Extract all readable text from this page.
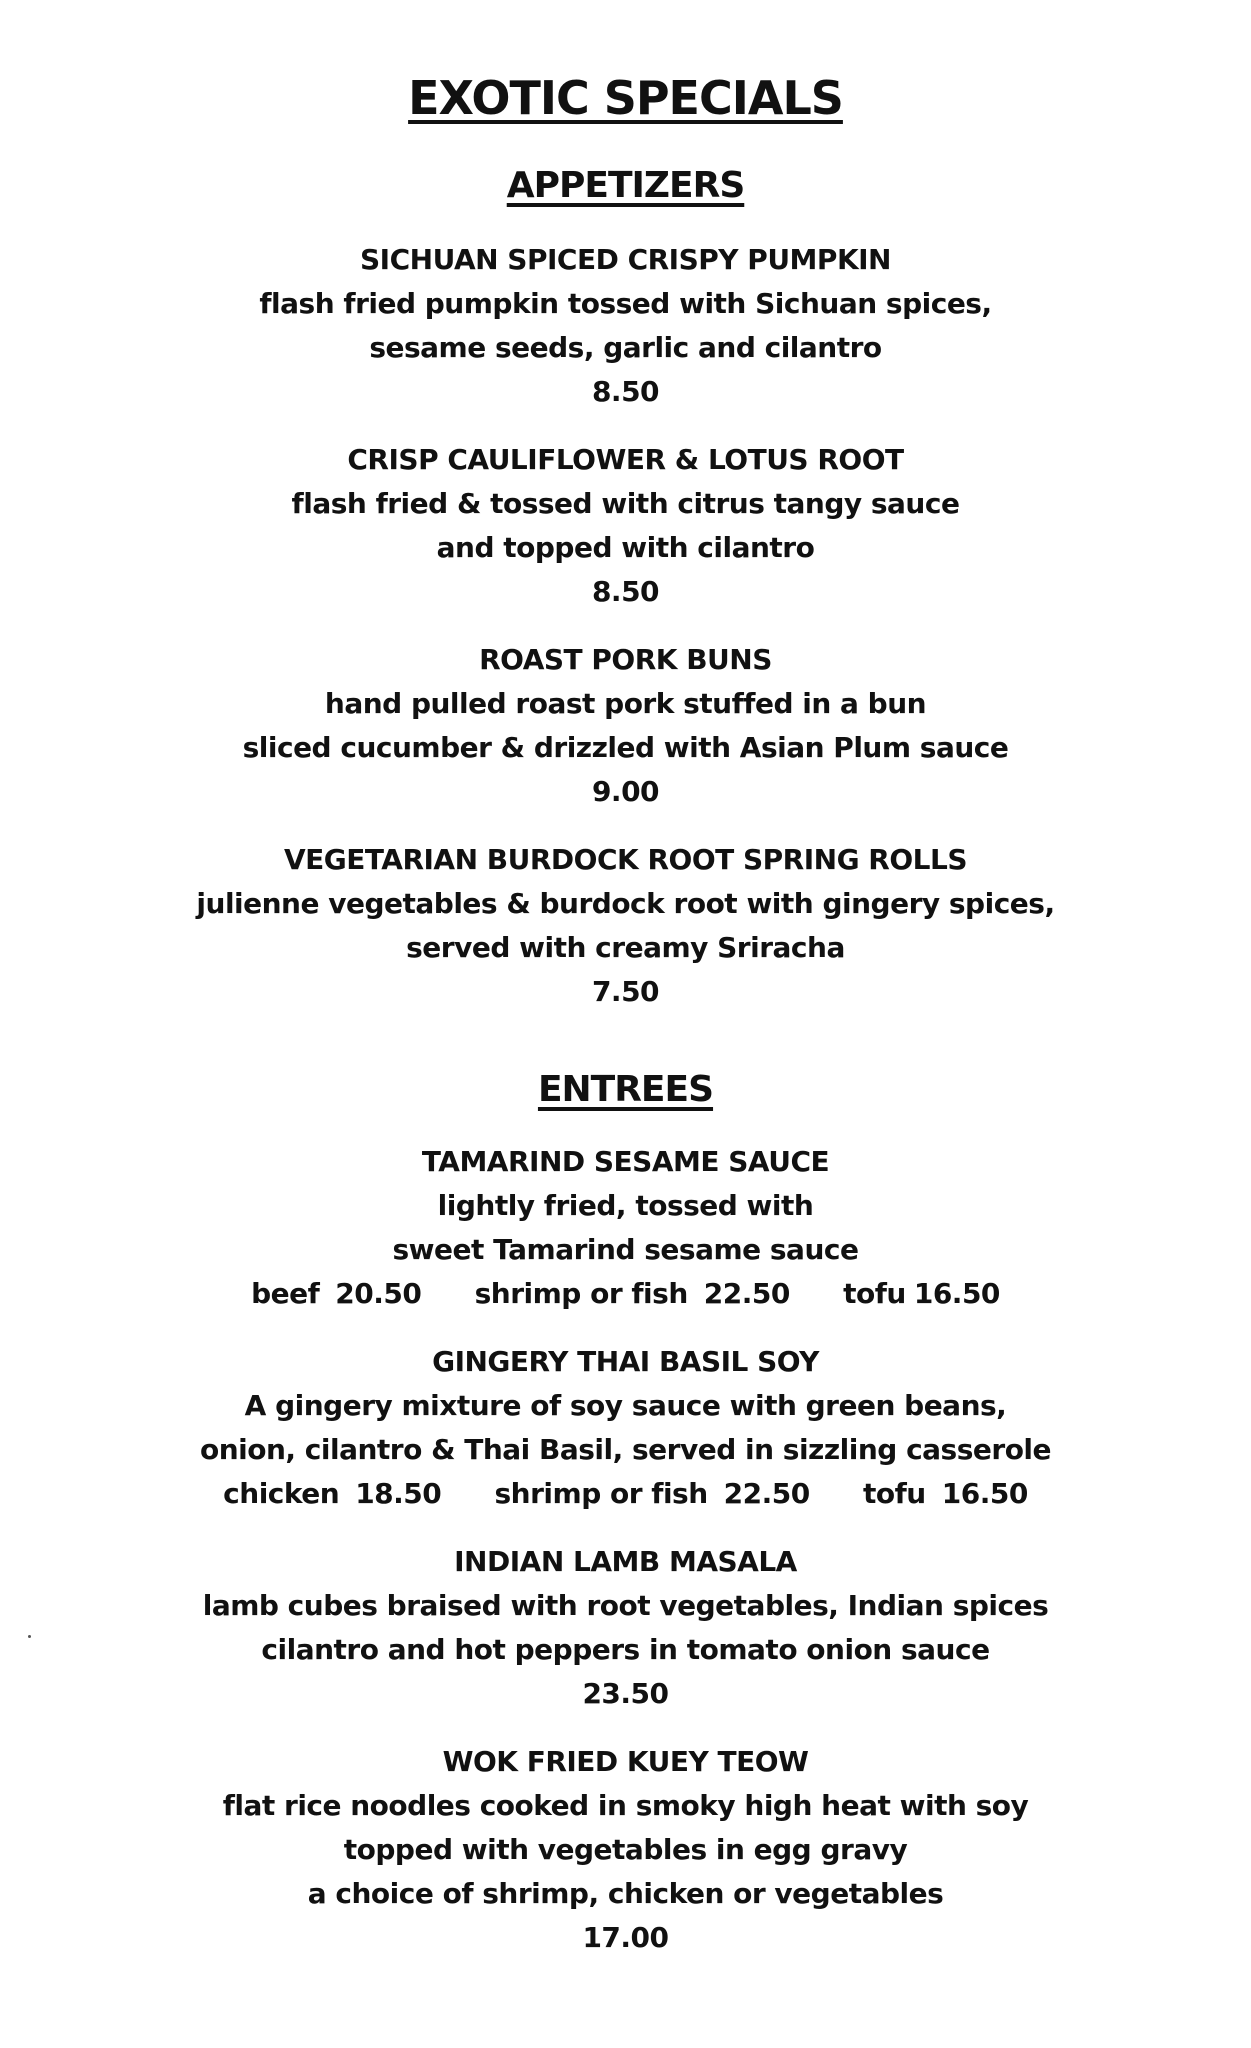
EXOTIC SPECIALS
APPETIZERS
SICHUAN SPICED CRISPY PUMPKIN
flash fried pumpkin tossed with Sichuan spices,
sesame seeds, garlic and cilantro
8.50
CRISP CAULIFLOWER & LOTUS ROOT
flash fried & tossed with citrus tangy sauce
and topped with cilantro
8.50
ROAST PORK BUNS
hand pulled roast pork stuffed in a bun
sliced cucumber & drizzled with Asian Plum sauce
9.00
VEGETARIAN BURDOCK ROOT SPRING ROLLS
julienne vegetables & burdock root with gingery spices,
served with creamy Sriracha
7.50
ENTREES
TAMARIND SESAME SAUCE
lightly fried, tossed with
sweet Tamarind sesame sauce
beef 20.50 shrimp or fish 22.50 tofu 16.50
GINGERY THAI BASIL SOY
A gingery mixture of soy sauce with green beans,
onion, cilantro & Thai Basil, served in sizzling casserole
chicken 18.50 shrimp or fish 22.50 tofu 16.50
INDIAN LAMB MASALA
lamb cubes braised with root vegetables, Indian spices
cilantro and hot peppers in tomato onion sauce
23.50
WOK FRIED KUEY TEOW
flat rice noodles cooked in smoky high heat with soy
topped with vegetables in egg gravy
a choice of shrimp, chicken or vegetables
17.00
